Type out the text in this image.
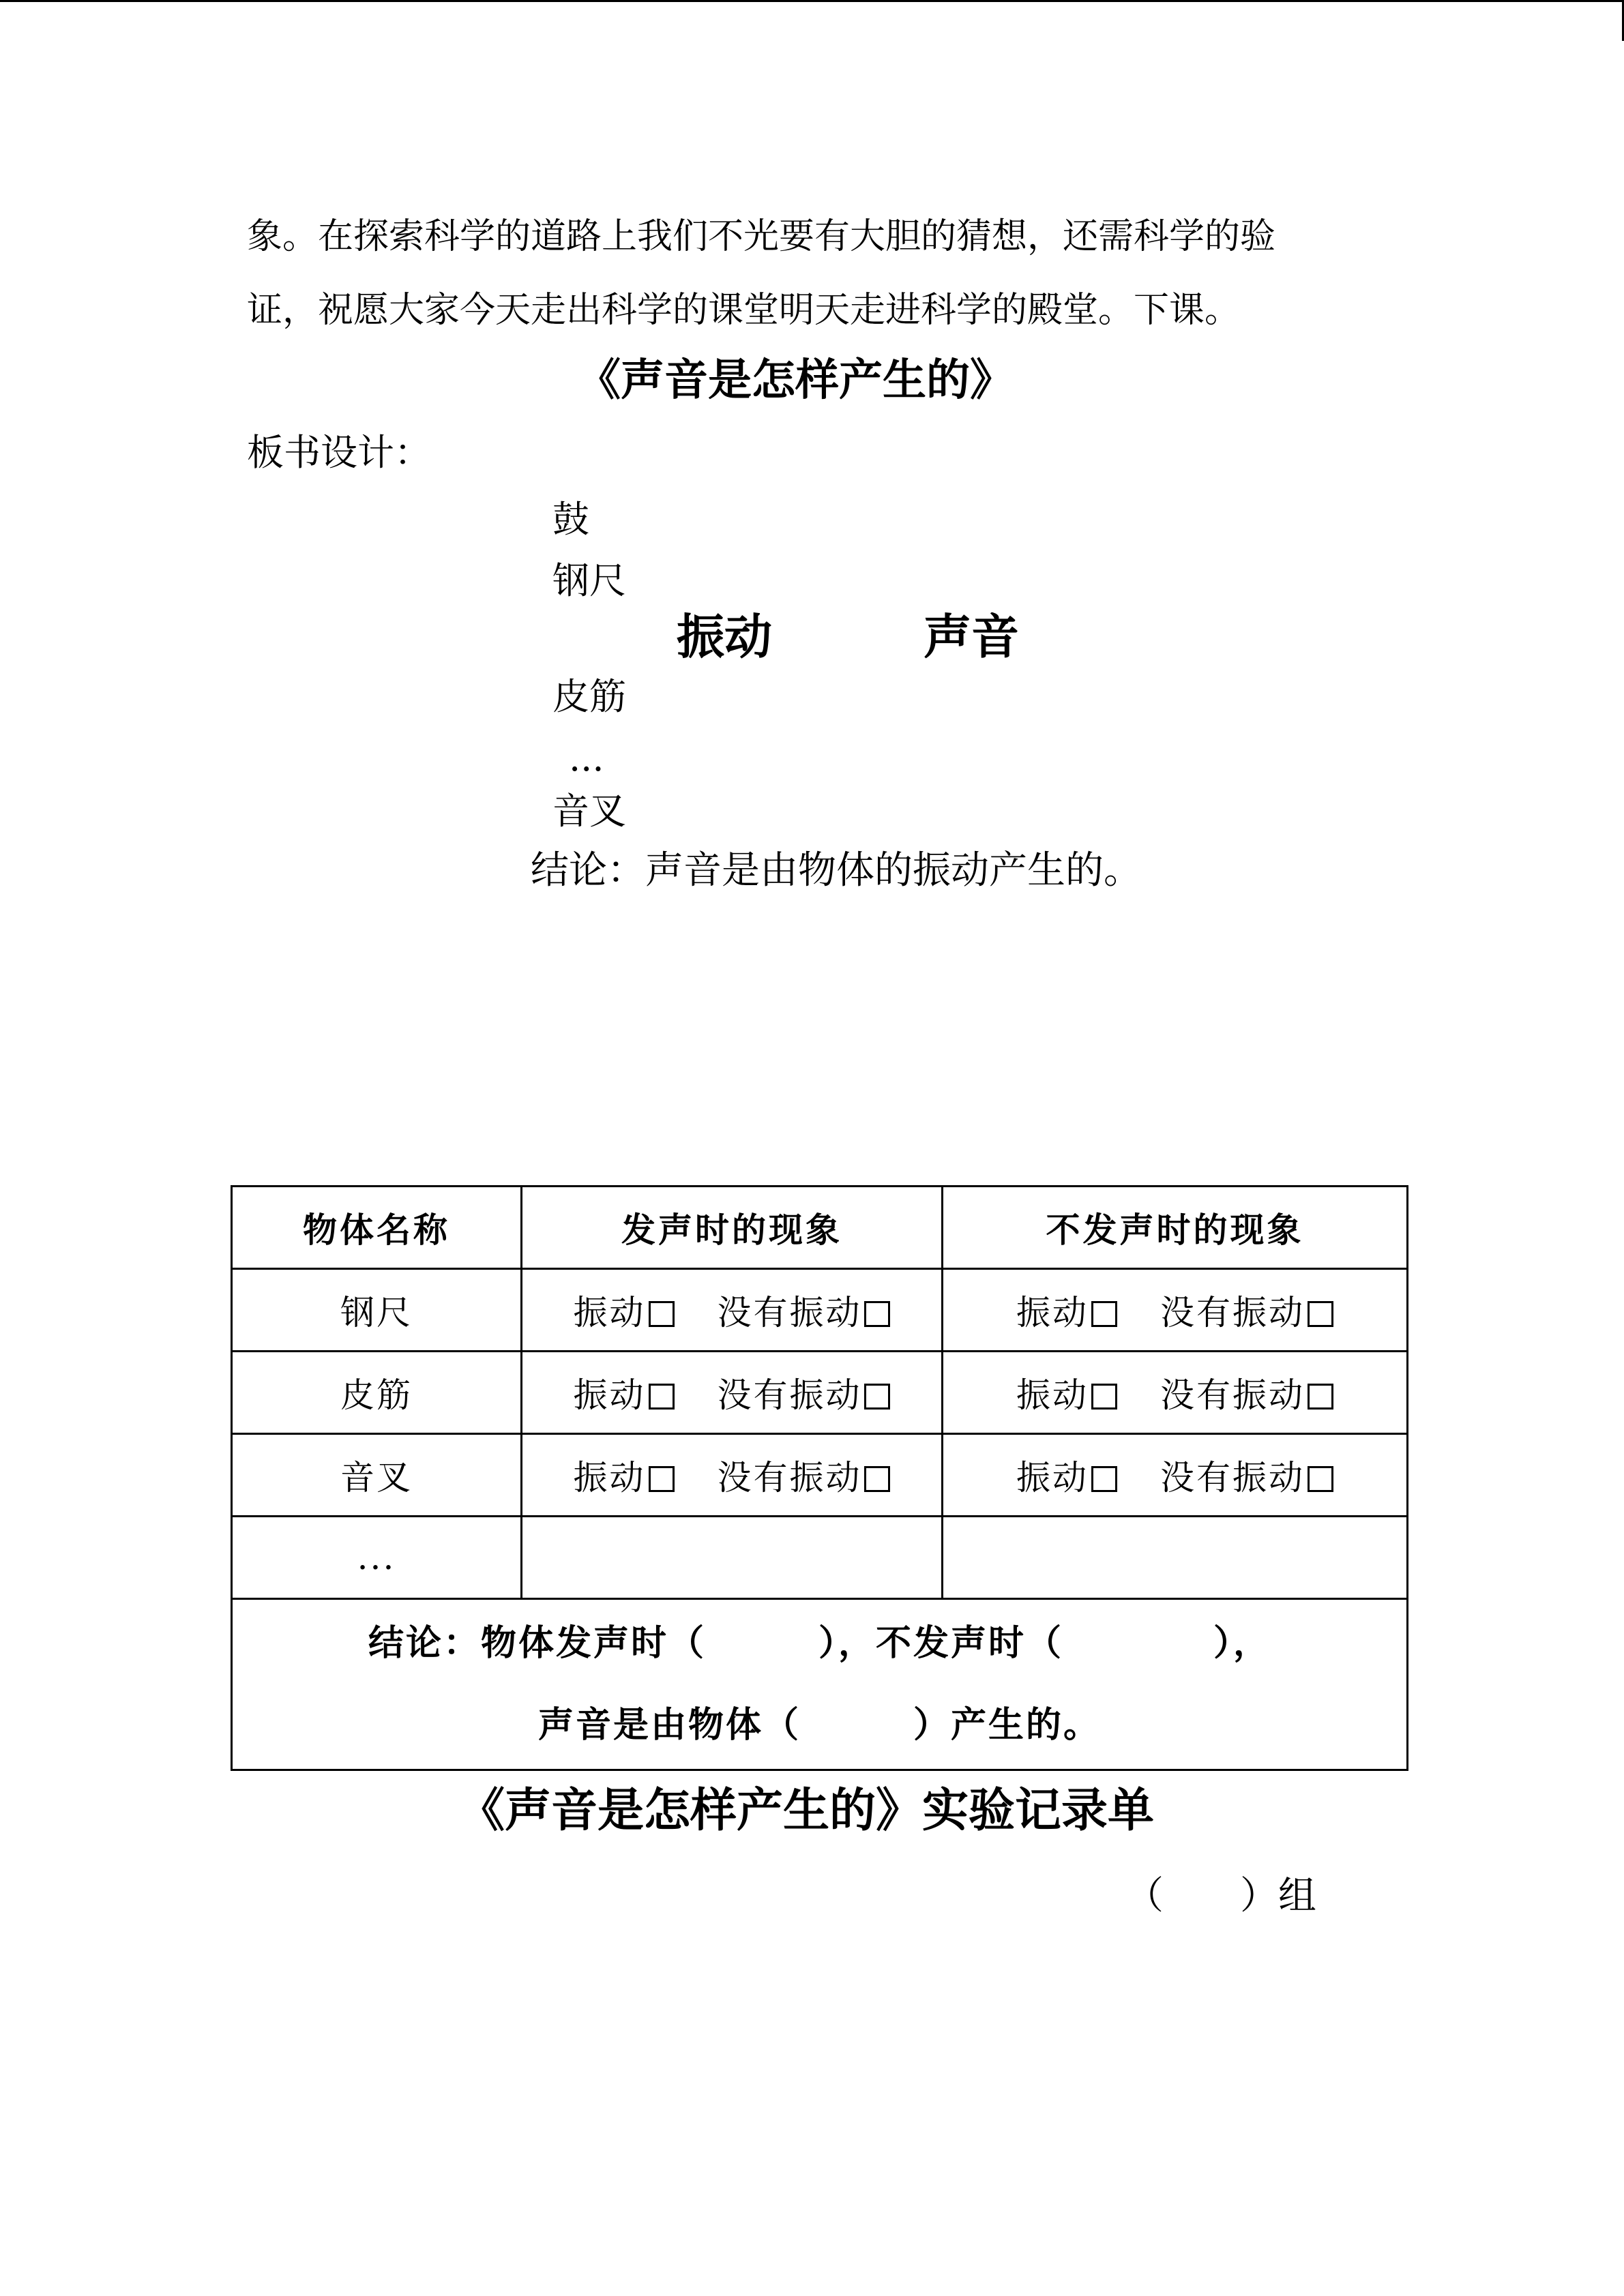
象。在探索科学的道路上我们不光要有大胆的猜想，还需科学的验
证，祝愿大家今天走出科学的课堂明天走进科学的殿堂。下课。
《声音是怎样产生的》
板书设计：
鼓
钢尺
振动	声音
皮筋
...
音叉
结论：声音是由物体的振动产生的。
物体名称	发声时的现象	不发声时的现象
钢尺	振动 没有振动	振动 没有振动
皮筋	振动 没有振动	振动 没有振动
音叉	振动 没有振动	振动 没有振动
...		

结论：物体发声时（　　　），不发声时（　　　　），
声音是由物体（　　　）产生的。		
《声音是怎样产生的》实验记录单
（　　）组
